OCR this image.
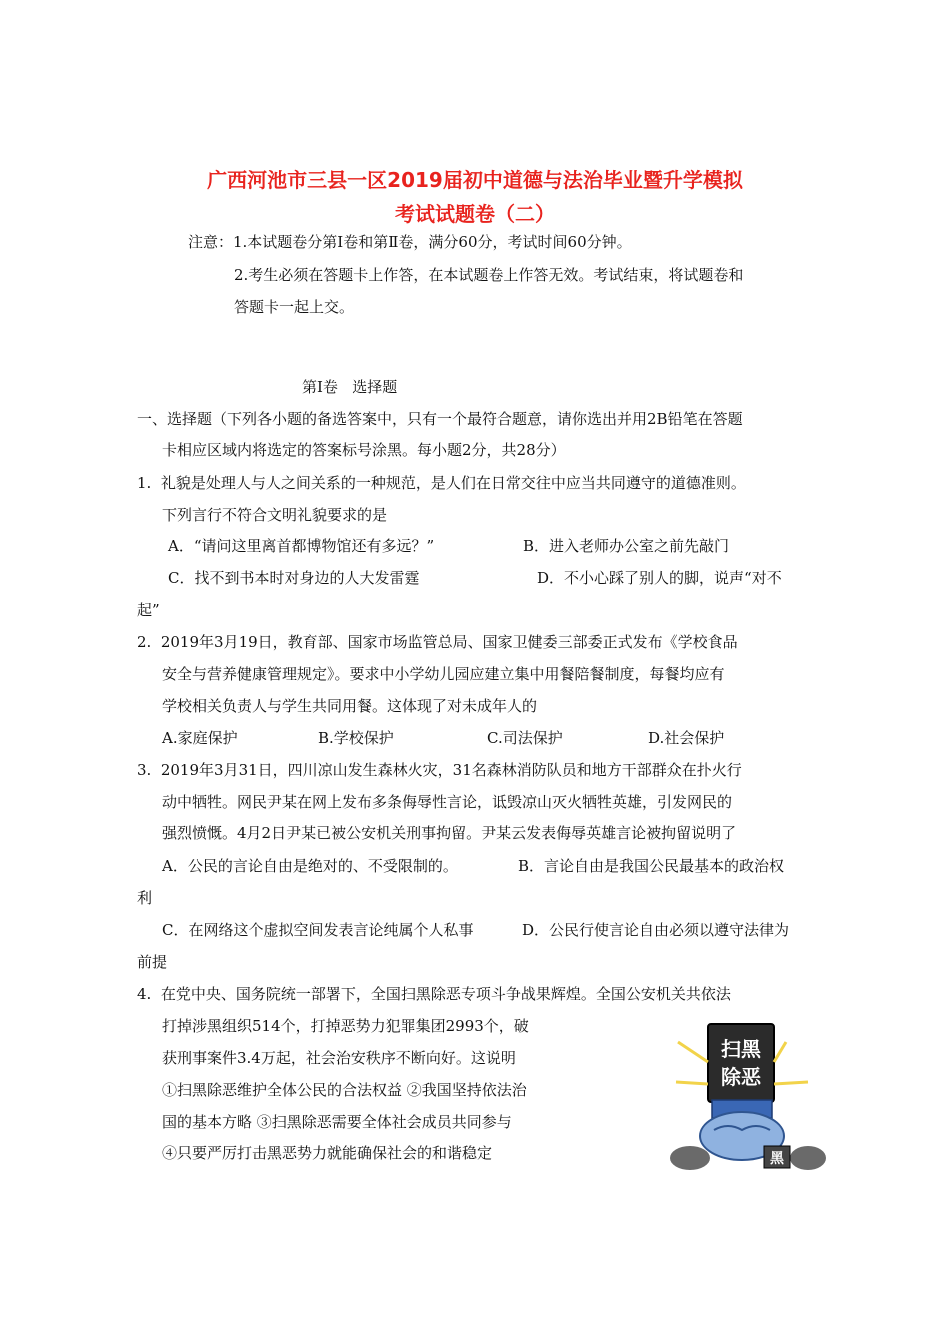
广西河池市三县一区2019届初中道德与法治毕业暨升学模拟
考试试题卷（二）
注意：1.本试题卷分第Ⅰ卷和第Ⅱ卷，满分60分，考试时间60分钟。
2.考生必须在答题卡上作答，在本试题卷上作答无效。考试结束，将试题卷和
答题卡一起上交。
第Ⅰ卷   选择题
一、选择题（下列各小题的备选答案中，只有一个最符合题意，请你选出并用2B铅笔在答题
卡相应区域内将选定的答案标号涂黑。每小题2分，共28分）
1.  礼貌是处理人与人之间关系的一种规范，是人们在日常交往中应当共同遵守的道德准则。
下列言行不符合文明礼貌要求的是
A．“请问这里离首都博物馆还有多远？”	B．进入老师办公室之前先敲门
C．找不到书本时对身边的人大发雷霆	D．不小心踩了别人的脚，说声“对不
起”
2.  2019年3月19日，教育部、国家市场监管总局、国家卫健委三部委正式发布《学校食品
安全与营养健康管理规定》。要求中小学幼儿园应建立集中用餐陪餐制度，每餐均应有
学校相关负责人与学生共同用餐。这体现了对未成年人的
A.家庭保护	B.学校保护	C.司法保护	D.社会保护
3.  2019年3月31日，四川凉山发生森林火灾，31名森林消防队员和地方干部群众在扑火行
动中牺牲。网民尹某在网上发布多条侮辱性言论，诋毁凉山灭火牺牲英雄，引发网民的
强烈愤慨。4月2日尹某已被公安机关刑事拘留。尹某云发表侮辱英雄言论被拘留说明了
A．公民的言论自由是绝对的、不受限制的。	B．言论自由是我国公民最基本的政治权
利
C．在网络这个虚拟空间发表言论纯属个人私事	D．公民行使言论自由必须以遵守法律为
前提
4.  在党中央、国务院统一部署下，全国扫黑除恶专项斗争战果辉煌。全国公安机关共依法
打掉涉黑组织514个，打掉恶势力犯罪集团2993个，破
获刑事案件3.4万起，社会治安秩序不断向好。这说明
①扫黑除恶维护全体公民的合法权益 ②我国坚持依法治
国的基本方略 ③扫黑除恶需要全体社会成员共同参与
④只要严厉打击黑恶势力就能确保社会的和谐稳定
扫黑
除恶
黑
